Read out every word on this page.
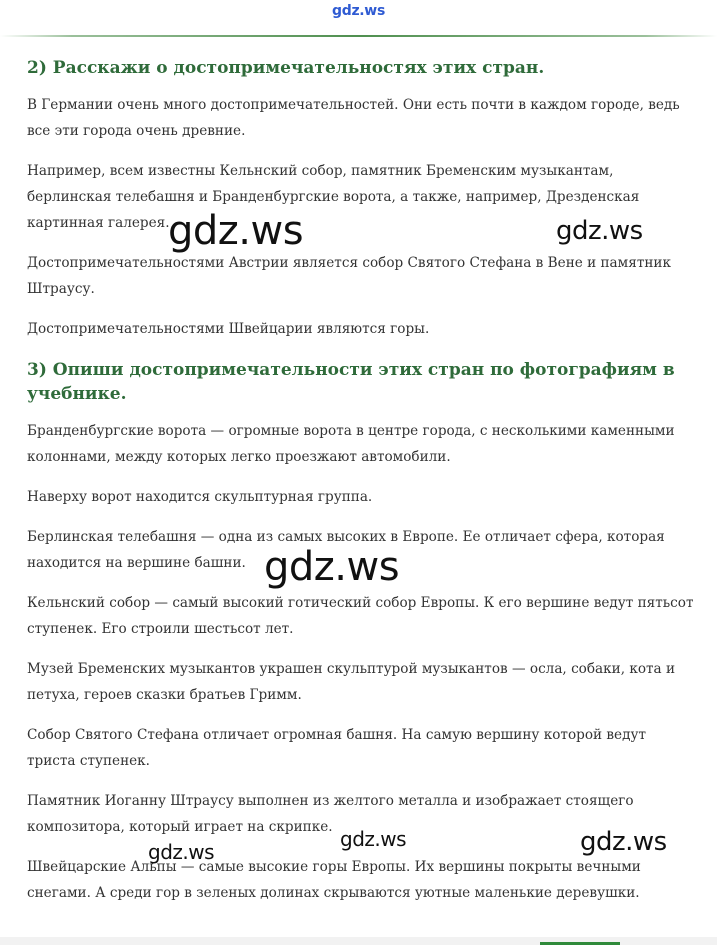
gdz.ws
2) Расскажи о достопримечательностях этих стран.

В Германии очень много достопримечательностей. Они есть почти в каждом городе, ведь все эти города очень древние.

Например, всем известны Кельнский собор, памятник Бременским музыкантам, берлинская телебашня и Бранденбургские ворота, а также, например, Дрезденская картинная галерея.

Достопримечательностями Австрии является собор Святого Стефана в Вене и памятник Штраусу.

Достопримечательностями Швейцарии являются горы.

3) Опиши достопримечательности этих стран по фотографиям в учебнике.

Бранденбургские ворота — огромные ворота в центре города, с несколькими каменными колоннами, между которых легко проезжают автомобили.

Наверху ворот находится скульптурная группа.

Берлинская телебашня — одна из самых высоких в Европе. Ее отличает сфера, которая находится на вершине башни.

Кельнский собор — самый высокий готический собор Европы. К его вершине ведут пятьсот ступенек. Его строили шестьсот лет.

Музей Бременских музыкантов украшен скульптурой музыкантов — осла, собаки, кота и петуха, героев сказки братьев Гримм.

Собор Святого Стефана отличает огромная башня. На самую вершину которой ведут триста ступенек.

Памятник Иоганну Штраусу выполнен из желтого металла и изображает стоящего композитора, который играет на скрипке.

Швейцарские Альпы — самые высокие горы Европы. Их вершины покрыты вечными снегами. А среди гор в зеленых долинах скрываются уютные маленькие деревушки.

gdz.ws	gdz.ws
gdz.ws
gdz.ws	gdz.ws
gdz.ws
